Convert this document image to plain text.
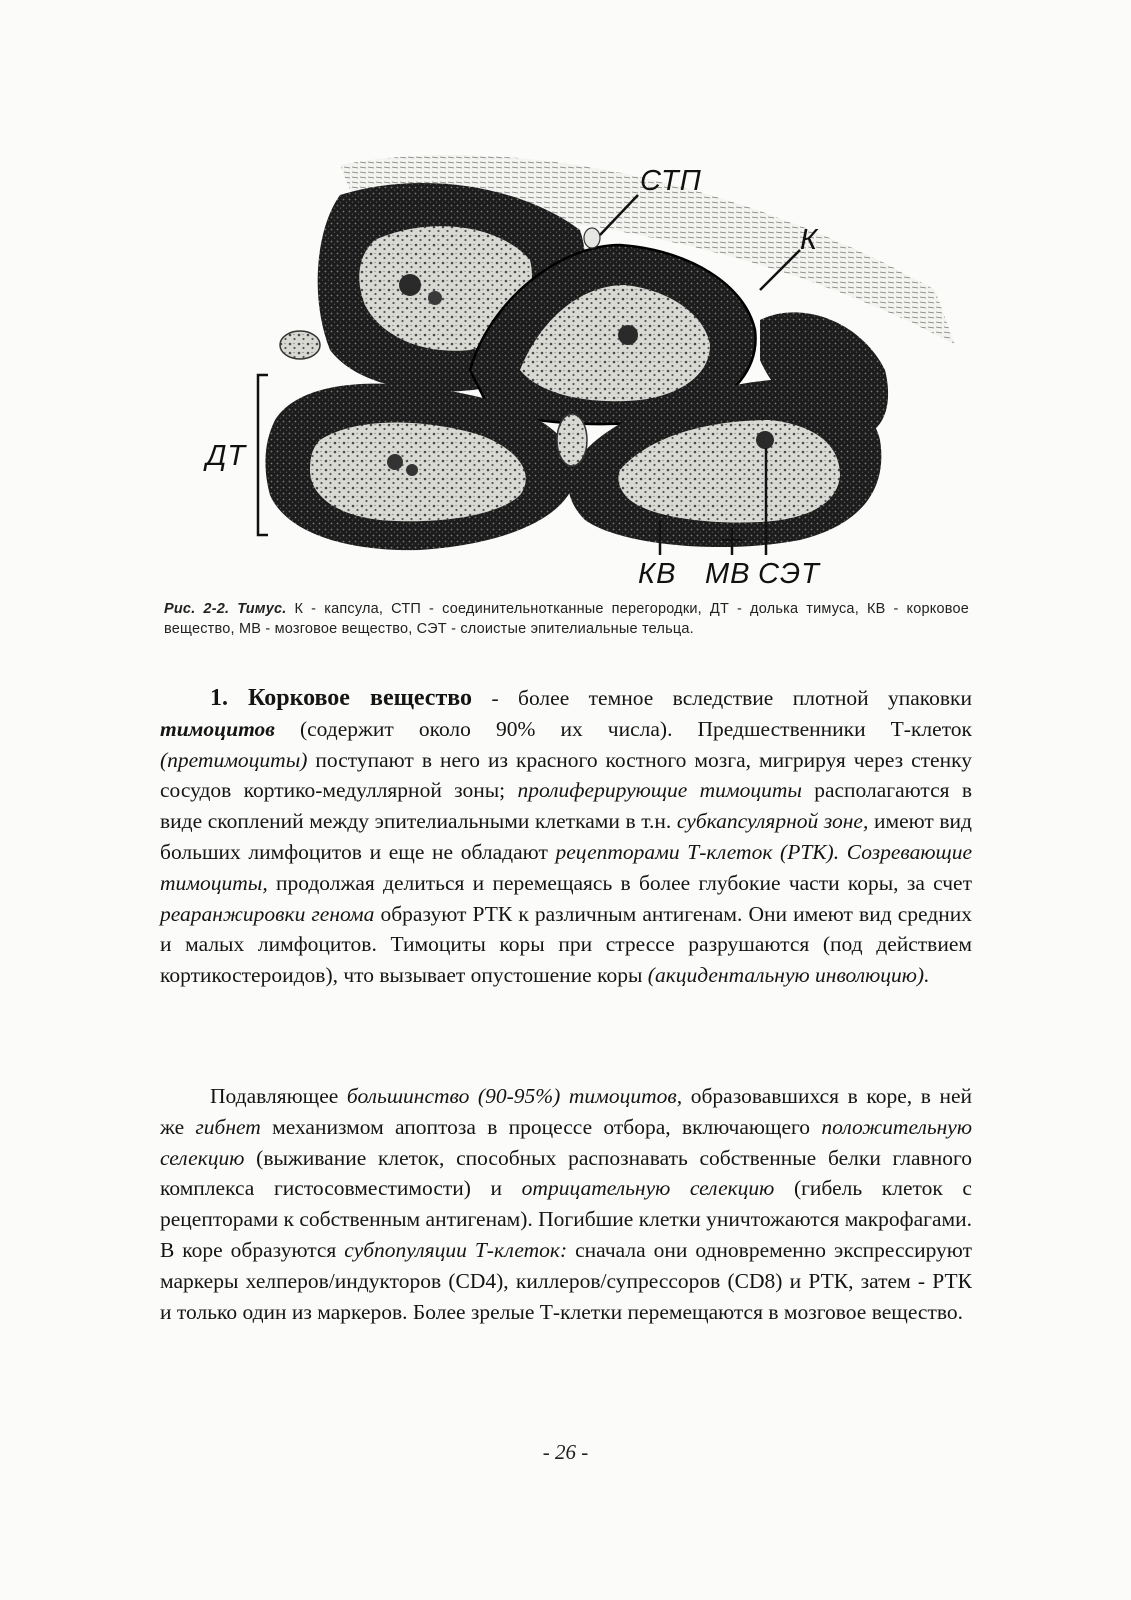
СТП
К
ДТ
КВ МВ СЭТ
Рис. 2-2. Тимус. К - капсула, СТП - соединительнотканные перегородки, ДТ - долька тимуса, КВ - корковое вещество, МВ - мозговое вещество, СЭТ - слоистые эпителиальные тельца.

1. Корковое вещество - более темное вследствие плотной упаковки тимоцитов (содержит около 90% их числа). Предшественники Т-клеток (претимоциты) поступают в него из красного костного мозга, мигрируя через стенку сосудов кортико-медуллярной зоны; пролиферирующие тимоциты располагаются в виде скоплений между эпителиальными клетками в т.н. субкапсулярной зоне, имеют вид больших лимфоцитов и еще не обладают рецепторами Т-клеток (РТК). Созревающие тимоциты, продолжая делиться и перемещаясь в более глубокие части коры, за счет реаранжировки генома образуют РТК к различным антигенам. Они имеют вид средних и малых лимфоцитов. Тимоциты коры при стрессе разрушаются (под действием кортикостероидов), что вызывает опустошение коры (акцидентальную инволюцию).

Подавляющее большинство (90-95%) тимоцитов, образовавшихся в коре, в ней же гибнет механизмом апоптоза в процессе отбора, включающего положительную селекцию (выживание клеток, способных распознавать собственные белки главного комплекса гистосовместимости) и отрицательную селекцию (гибель клеток с рецепторами к собственным антигенам). Погибшие клетки уничтожаются макрофагами. В коре образуются субпопуляции Т-клеток: сначала они одновременно экспрессируют маркеры хелперов/индукторов (CD4), киллеров/супрессоров (CD8) и РТК, затем - РТК и только один из маркеров. Более зрелые Т-клетки перемещаются в мозговое вещество.

- 26 -
